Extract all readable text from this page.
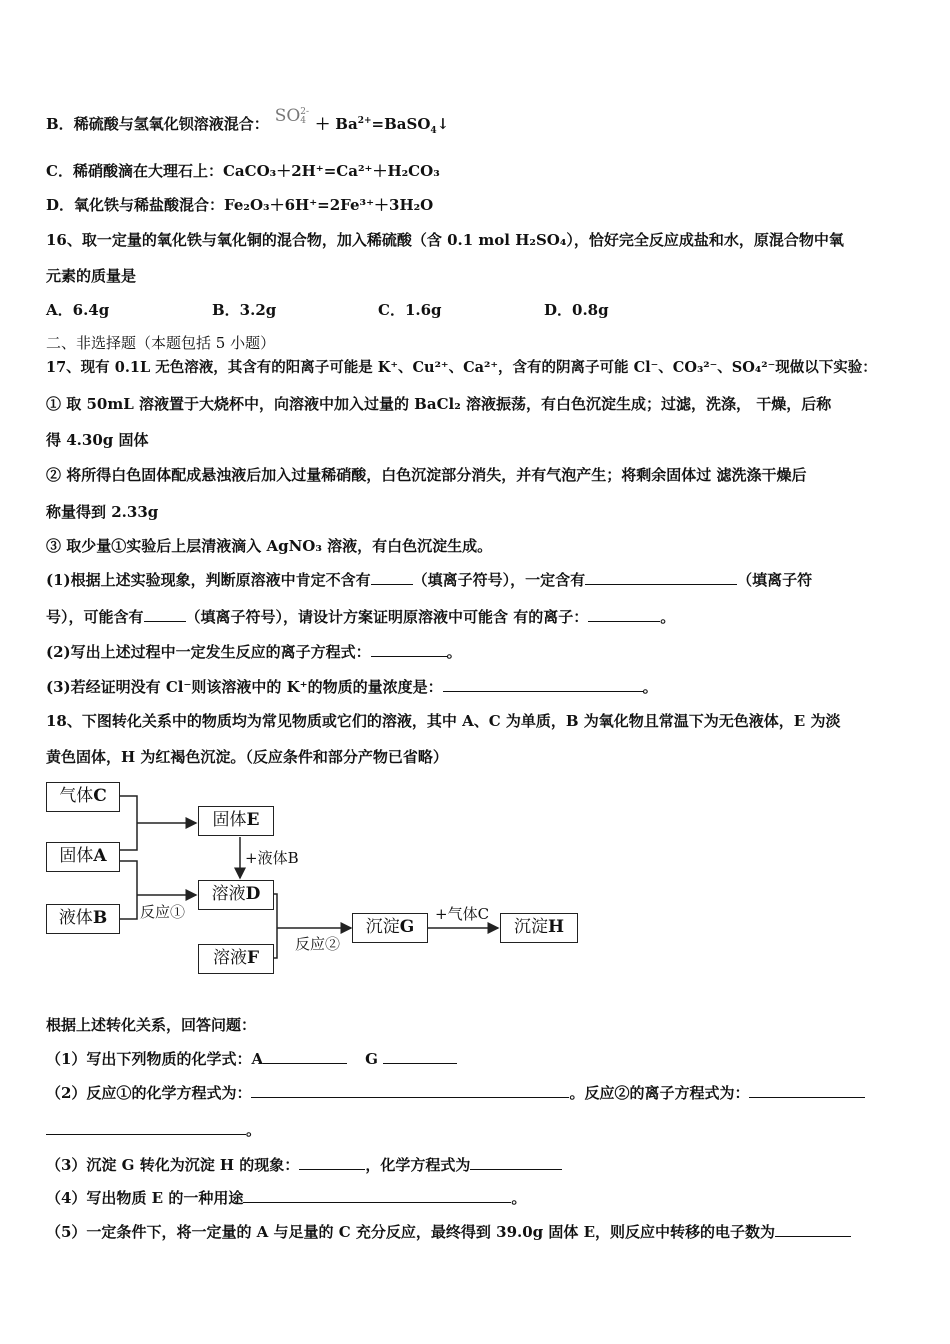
B．稀硫酸与氢氧化钡溶液混合： SO 2-
$4 + Ba^{2+}=BaSO_4↓$
C．稀硝酸滴在大理石上：CaCO₃＋2H⁺=Ca²⁺＋H₂CO₃
D．氧化铁与稀盐酸混合：Fe₂O₃＋6H⁺=2Fe³⁺＋3H₂O
16、取一定量的氧化铁与氧化铜的混合物，加入稀硫酸（含 0.1 mol H₂SO₄），恰好完全反应成盐和水，原混合物中氧
元素的质量是
A．6.4g	B．3.2g	C．1.6g	D．0.8g
二、非选择题（本题包括 5 小题）
17、现有 0.1L 无色溶液，其含有的阳离子可能是 K⁺、Cu²⁺、Ca²⁺，含有的阴离子可能 Cl⁻、CO₃²⁻、SO₄²⁻现做以下实验：
① 取 50mL 溶液置于大烧杯中，向溶液中加入过量的 BaCl₂ 溶液振荡，有白色沉淀生成；过滤，洗涤， 干燥，后称
得 4.30g 固体
② 将所得白色固体配成悬浊液后加入过量稀硝酸，白色沉淀部分消失，并有气泡产生；将剩余固体过 滤洗涤干燥后
称量得到 2.33g
③ 取少量①实验后上层清液滴入 AgNO₃ 溶液，有白色沉淀生成。
(1)根据上述实验现象，判断原溶液中肯定不含有	（填离子符号），一定含有	（填离子符
号），可能含有	（填离子符号），请设计方案证明原溶液中可能含 有的离子：	。
(2)写出上述过程中一定发生反应的离子方程式：	。
(3)若经证明没有 Cl⁻则该溶液中的 K⁺的物质的量浓度是：	。
18、下图转化关系中的物质均为常见物质或它们的溶液，其中 A、C 为单质，B 为氧化物且常温下为无色液体，E 为淡
黄色固体，H 为红褐色沉淀。（反应条件和部分产物已省略）
气体C
固体A
液体B
固体E
溶液D
溶液F
沉淀G	沉淀H
+液体B
反应①
反应②
+气体C
根据上述转化关系，回答问题：
（1）写出下列物质的化学式：A	G
（2）反应①的化学方程式为：	。反应②的离子方程式为：
。
（3）沉淀 G 转化为沉淀 H 的现象：	，化学方程式为
（4）写出物质 E 的一种用途	。
（5）一定条件下，将一定量的 A 与足量的 C 充分反应，最终得到 39.0g 固体 E，则反应中转移的电子数为
